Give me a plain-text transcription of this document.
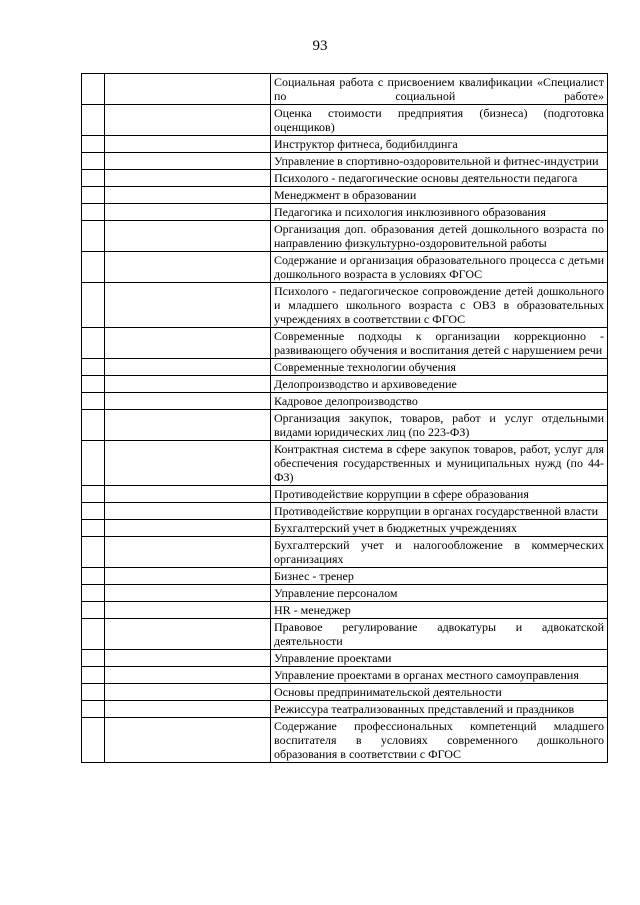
93

		Социальная работа с присвоением квалификации «Специалист по социальной работе»

		Оценка стоимости предприятия (бизнеса) (подготовка оценщиков)

		Инструктор фитнеса, бодибилдинга

		Управление в спортивно-оздоровительной и фитнес-индустрии

		Психолого - педагогические основы деятельности педагога

		Менеджмент в образовании

		Педагогика и психология инклюзивного образования

		Организация доп. образования детей дошкольного возраста по направлению физкультурно-оздоровительной работы

		Содержание и организация образовательного процесса с детьми дошкольного возраста в условиях ФГОС

		Психолого - педагогическое сопровождение детей дошкольного и младшего школьного возраста с ОВЗ в образовательных учреждениях в соответствии с ФГОС

		Современные подходы к организации коррекционно - развивающего обучения и воспитания детей с нарушением речи

		Современные технологии обучения

		Делопроизводство и архивоведение

		Кадровое делопроизводство

		Организация закупок, товаров, работ и услуг отдельными видами юридических лиц (по 223-ФЗ)

		Контрактная система в сфере закупок товаров, работ, услуг для обеспечения государственных и муниципальных нужд (по 44-ФЗ)

		Противодействие коррупции в сфере образования

		Противодействие коррупции в органах государственной власти

		Бухгалтерский учет в бюджетных учреждениях

		Бухгалтерский учет и налогообложение в коммерческих организациях

		Бизнес - тренер

		Управление персоналом

		HR - менеджер

		Правовое регулирование адвокатуры и адвокатской деятельности

		Управление проектами

		Управление проектами в органах местного самоуправления

		Основы предпринимательской деятельности

		Режиссура театрализованных представлений и праздников

		Содержание профессиональных компетенций младшего воспитателя в условиях современного дошкольного образования в соответствии с ФГОС
